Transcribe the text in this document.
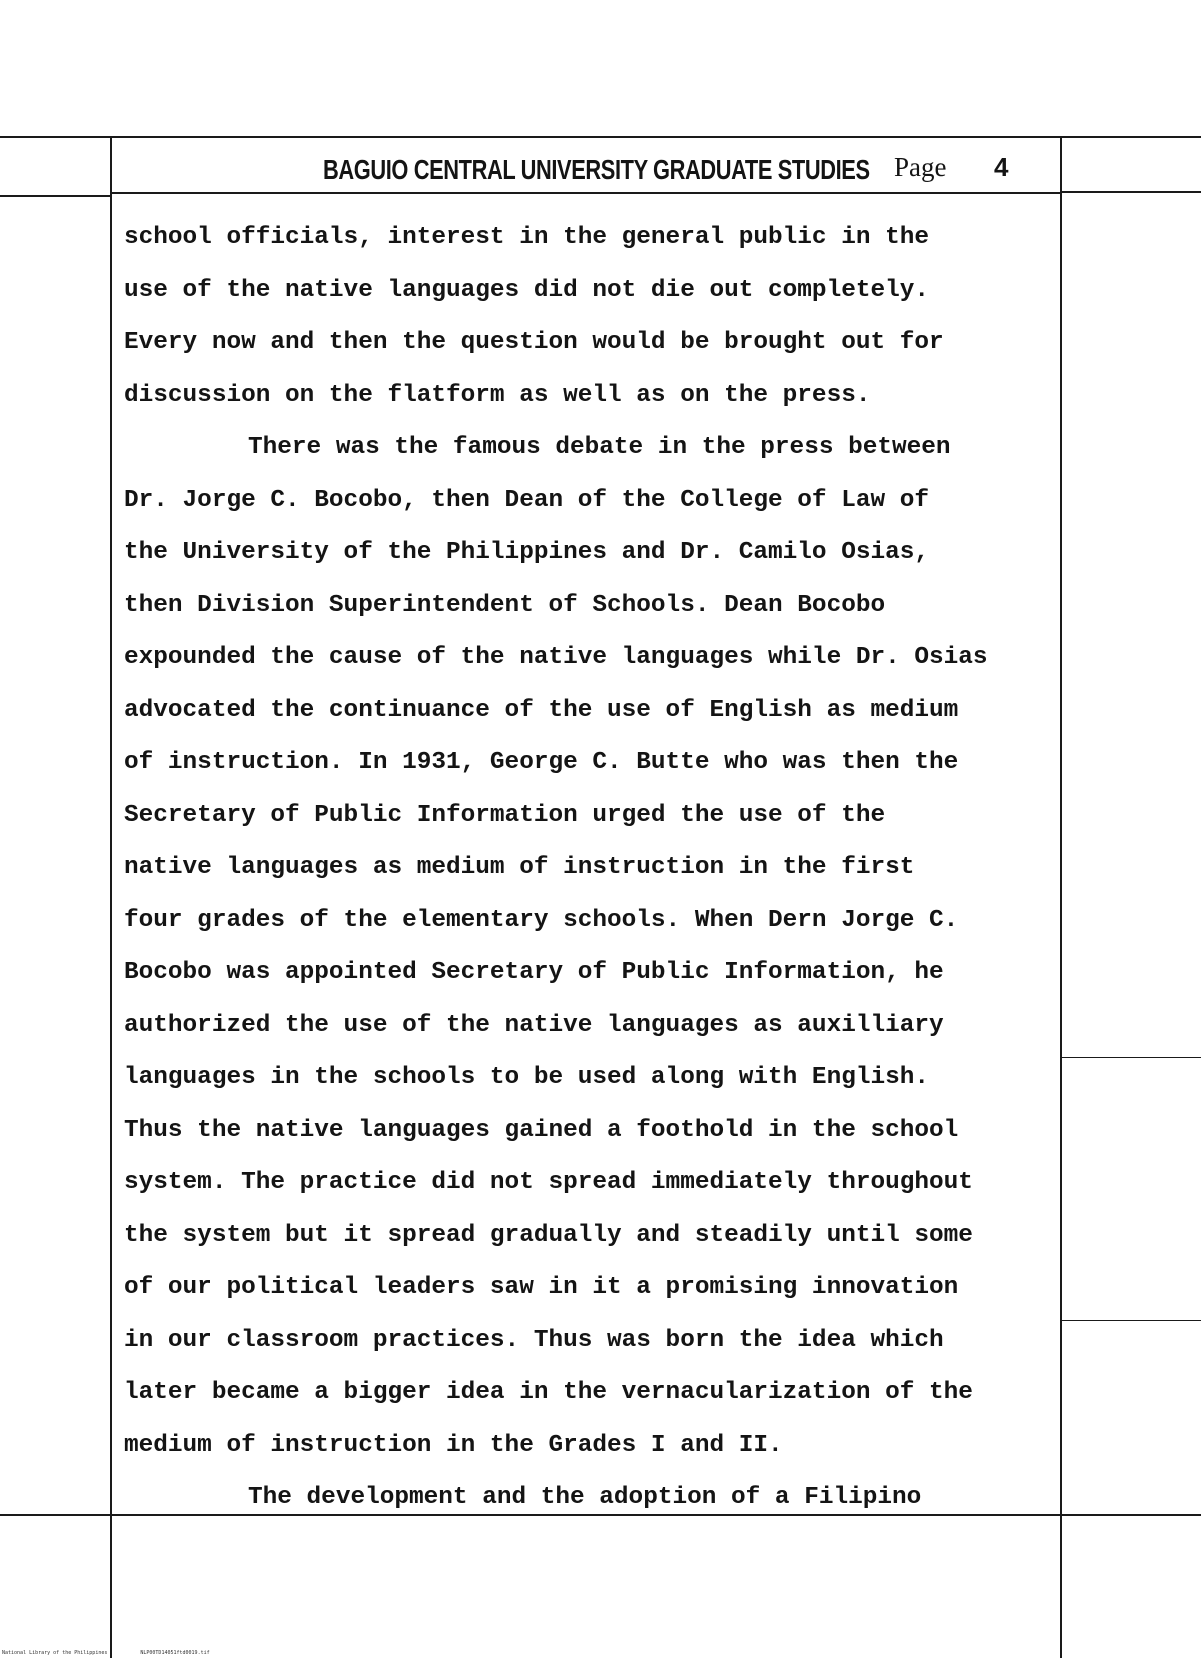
BAGUIO CENTRAL UNIVERSITY GRADUATE STUDIES Page 4
school officials, interest in the general public in the
use of the native languages did not die out completely.
Every now and then the question would be brought out for
discussion on the flatform as well as on the press.
There was the famous debate in the press between
Dr. Jorge C. Bocobo, then Dean of the College of Law of
the University of the Philippines and Dr. Camilo Osias,
then Division Superintendent of Schools. Dean Bocobo
expounded the cause of the native languages while Dr. Osias
advocated the continuance of the use of English as medium
of instruction. In 1931, George C. Butte who was then the
Secretary of Public Information urged the use of the
native languages as medium of instruction in the first
four grades of the elementary schools. When Dern Jorge C.
Bocobo was appointed Secretary of Public Information, he
authorized the use of the native languages as auxilliary
languages in the schools to be used along with English.
Thus the native languages gained a foothold in the school
system. The practice did not spread immediately throughout
the system but it spread gradually and steadily until some
of our political leaders saw in it a promising innovation
in our classroom practices. Thus was born the idea which
later became a bigger idea in the vernacularization of the
medium of instruction in the Grades I and II.
The development and the adoption of a Filipino
National Library of the Philippines	NLP00TD14051ftd0019.tif
